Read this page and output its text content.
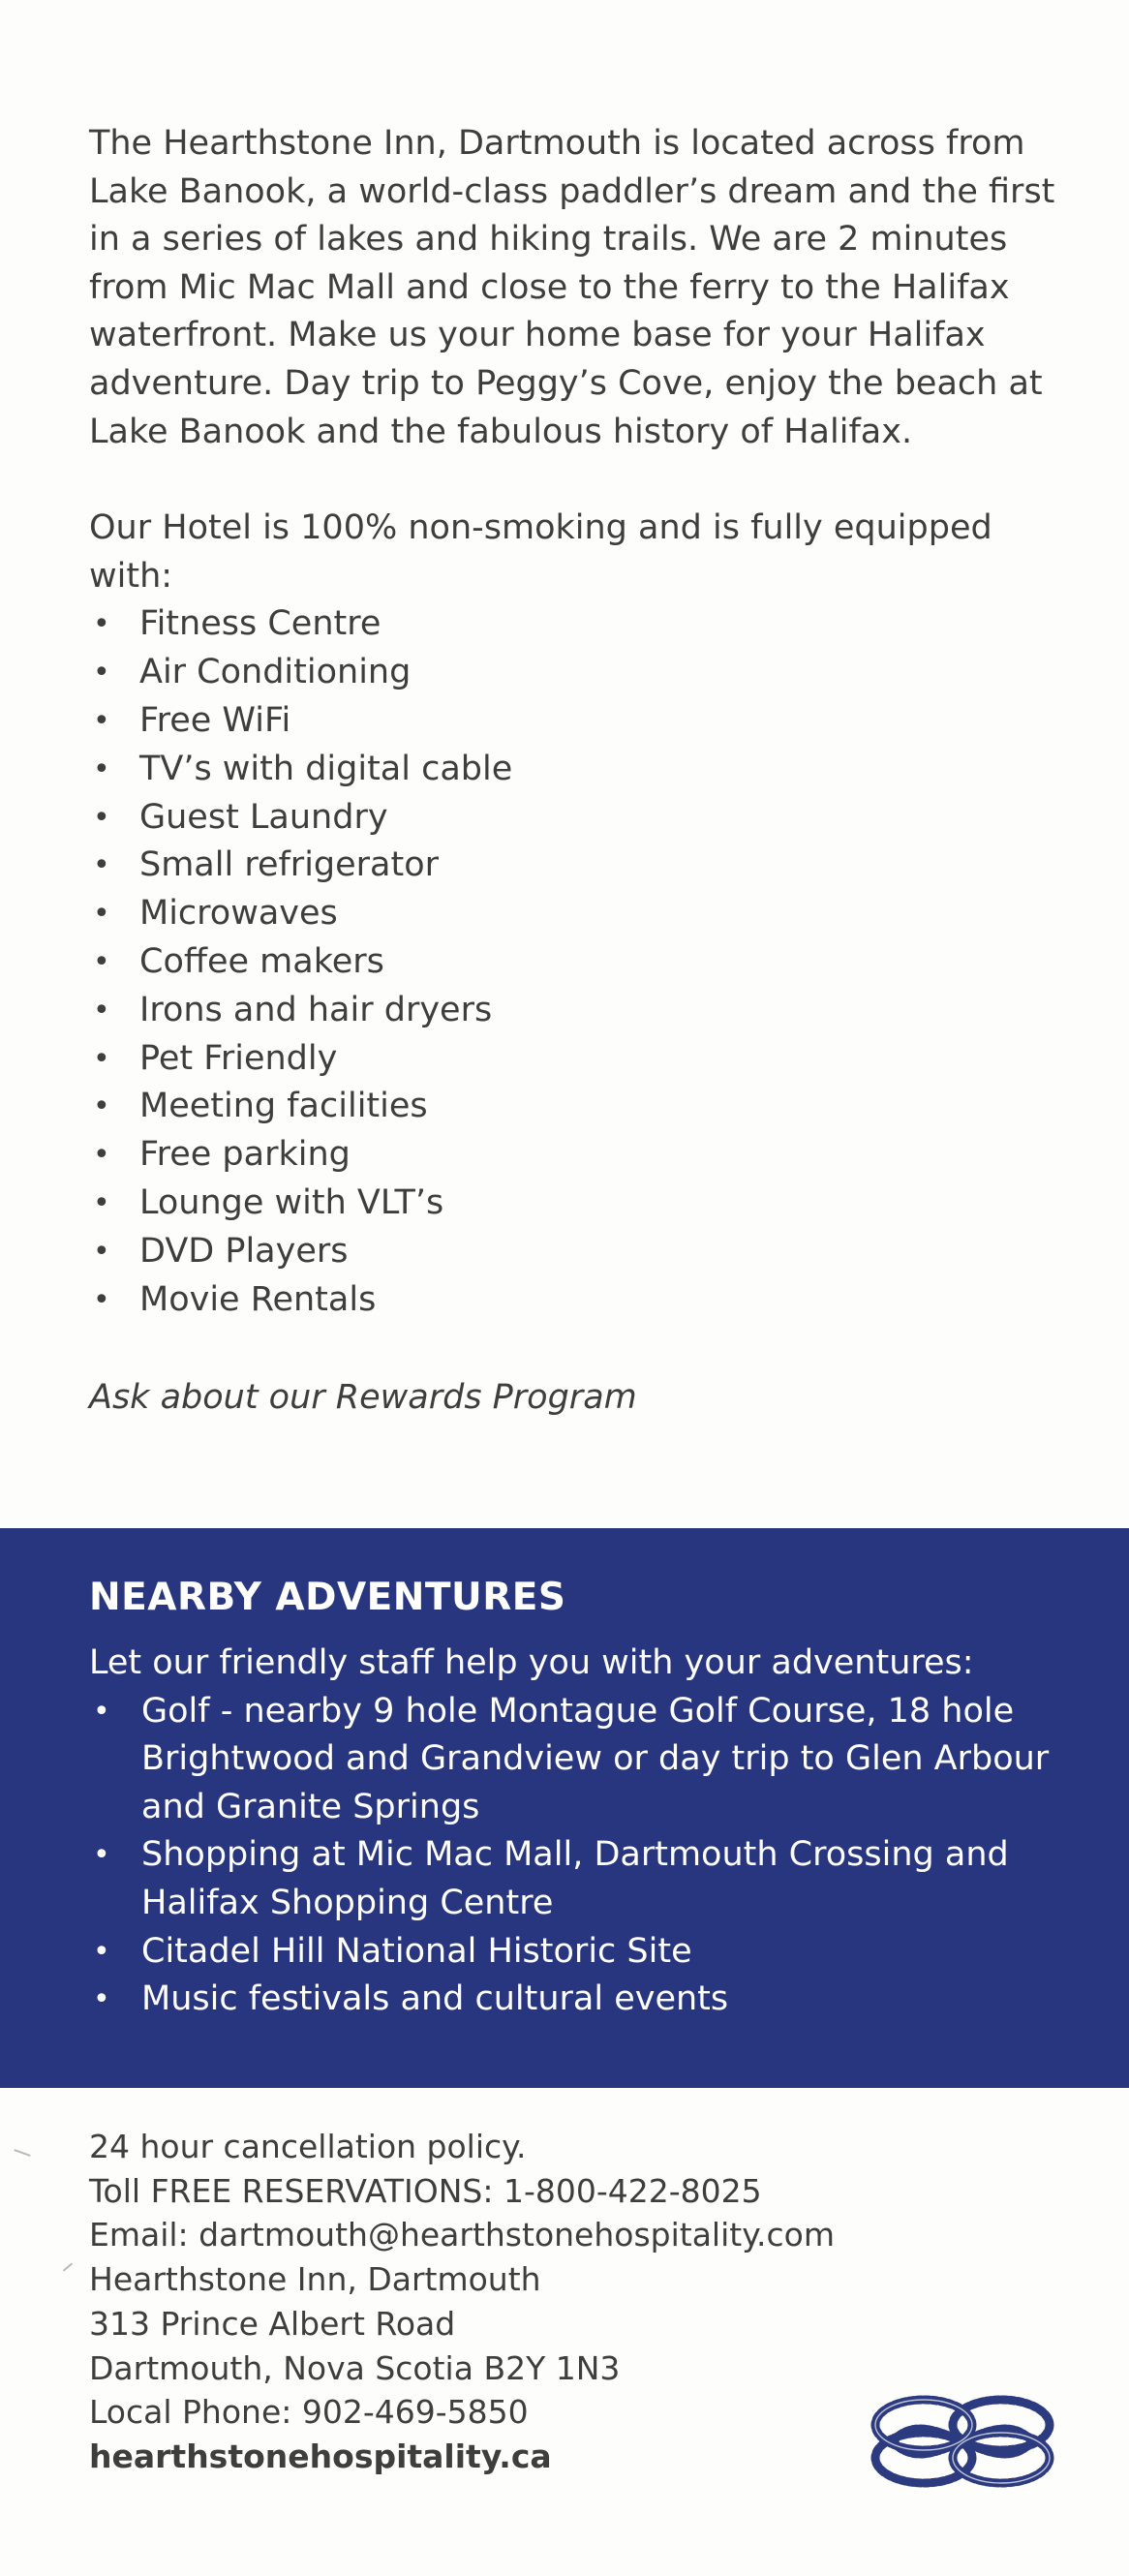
The Hearthstone Inn, Dartmouth is located across from Lake Banook, a world-class paddler’s dream and the first in a series of lakes and hiking trails. We are 2 minutes from Mic Mac Mall and close to the ferry to the Halifax waterfront. Make us your home base for your Halifax adventure. Day trip to Peggy’s Cove, enjoy the beach at Lake Banook and the fabulous history of Halifax.

Our Hotel is 100% non-smoking and is fully equipped with:

• Fitness Centre
• Air Conditioning
• Free WiFi
• TV’s with digital cable
• Guest Laundry
• Small refrigerator
• Microwaves
• Coffee makers
• Irons and hair dryers
• Pet Friendly
• Meeting facilities
• Free parking
• Lounge with VLT’s
• DVD Players
• Movie Rentals

Ask about our Rewards Program

NEARBY ADVENTURES

Let our friendly staff help you with your adventures:

• Golf - nearby 9 hole Montague Golf Course, 18 hole Brightwood and Grandview or day trip to Glen Arbour and Granite Springs
• Shopping at Mic Mac Mall, Dartmouth Crossing and Halifax Shopping Centre
• Citadel Hill National Historic Site
• Music festivals and cultural events

24 hour cancellation policy.

Toll FREE RESERVATIONS: 1-800-422-8025

Email: dartmouth@hearthstonehospitality.com

Hearthstone Inn, Dartmouth

313 Prince Albert Road

Dartmouth, Nova Scotia B2Y 1N3

Local Phone: 902-469-5850

hearthstonehospitality.ca
